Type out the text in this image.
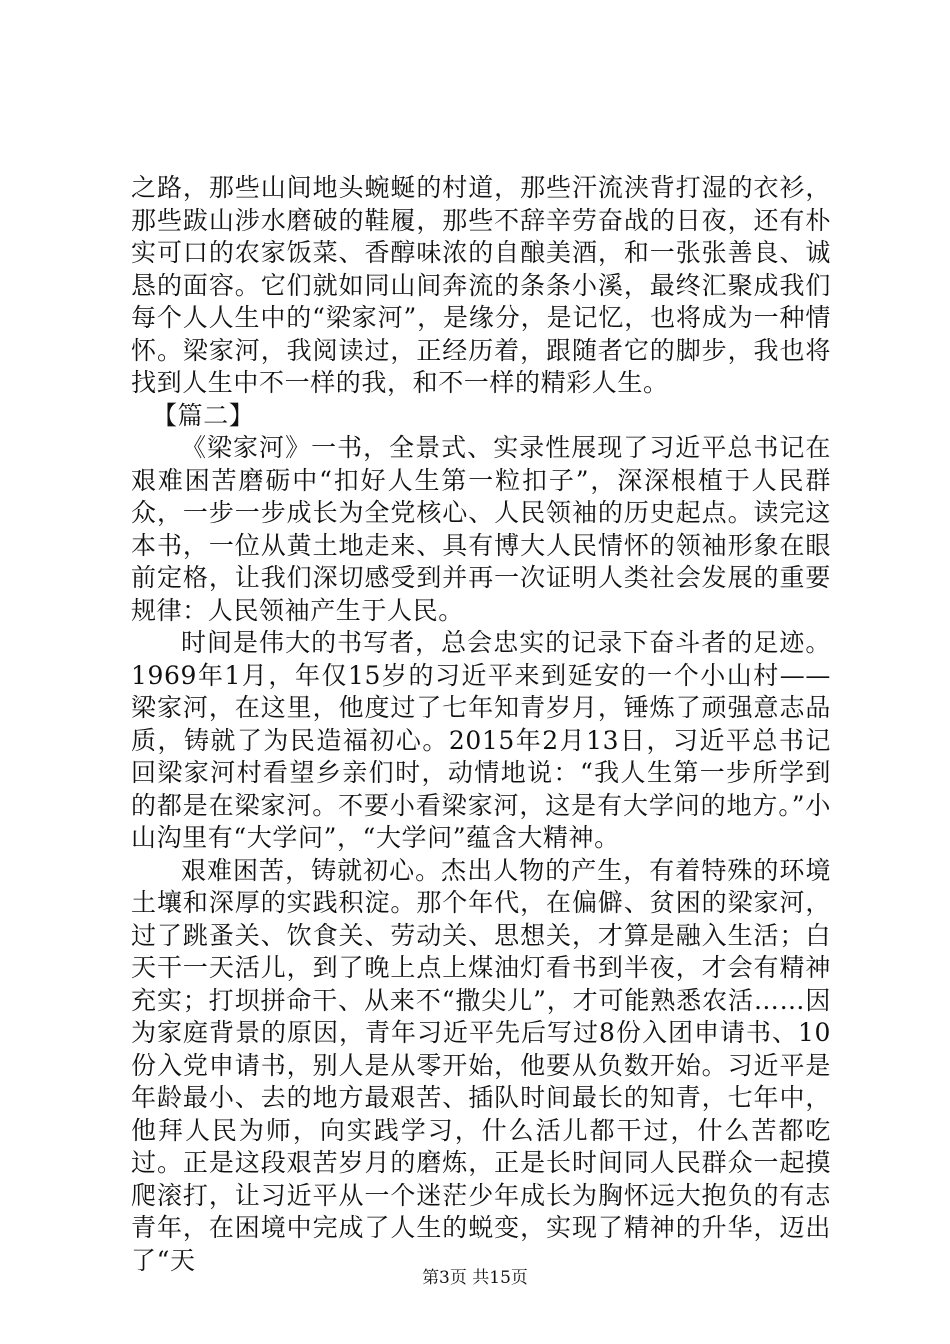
之路，那些山间地头蜿蜒的村道，那些汗流浃背打湿的衣衫，那些跋山涉水磨破的鞋履，那些不辞辛劳奋战的日夜，还有朴实可口的农家饭菜、香醇味浓的自酿美酒，和一张张善良、诚恳的面容。它们就如同山间奔流的条条小溪，最终汇聚成我们每个人人生中的“梁家河”，是缘分，是记忆，也将成为一种情怀。梁家河，我阅读过，正经历着，跟随者它的脚步，我也将找到人生中不一样的我，和不一样的精彩人生。

【篇二】

《梁家河》一书，全景式、实录性展现了习近平总书记在艰难困苦磨砺中“扣好人生第一粒扣子”，深深根植于人民群众，一步一步成长为全党核心、人民领袖的历史起点。读完这本书，一位从黄土地走来、具有博大人民情怀的领袖形象在眼前定格，让我们深切感受到并再一次证明人类社会发展的重要规律：人民领袖产生于人民。

时间是伟大的书写者，总会忠实的记录下奋斗者的足迹。1969年1月，年仅15岁的习近平来到延安的一个小山村——梁家河，在这里，他度过了七年知青岁月，锤炼了顽强意志品质，铸就了为民造福初心。2015年2月13日，习近平总书记回梁家河村看望乡亲们时，动情地说：“我人生第一步所学到的都是在梁家河。不要小看梁家河，这是有大学问的地方。”小山沟里有“大学问”，“大学问”蕴含大精神。

艰难困苦，铸就初心。杰出人物的产生，有着特殊的环境土壤和深厚的实践积淀。那个年代，在偏僻、贫困的梁家河，过了跳蚤关、饮食关、劳动关、思想关，才算是融入生活；白天干一天活儿，到了晚上点上煤油灯看书到半夜，才会有精神充实；打坝拼命干、从来不“撒尖儿”，才可能熟悉农活……因为家庭背景的原因，青年习近平先后写过8份入团申请书、10份入党申请书，别人是从零开始，他要从负数开始。习近平是年龄最小、去的地方最艰苦、插队时间最长的知青，七年中，他拜人民为师，向实践学习，什么活儿都干过，什么苦都吃过。正是这段艰苦岁月的磨炼，正是长时间同人民群众一起摸爬滚打，让习近平从一个迷茫少年成长为胸怀远大抱负的有志青年，在困境中完成了人生的蜕变，实现了精神的升华，迈出了“天

第3页 共15页
